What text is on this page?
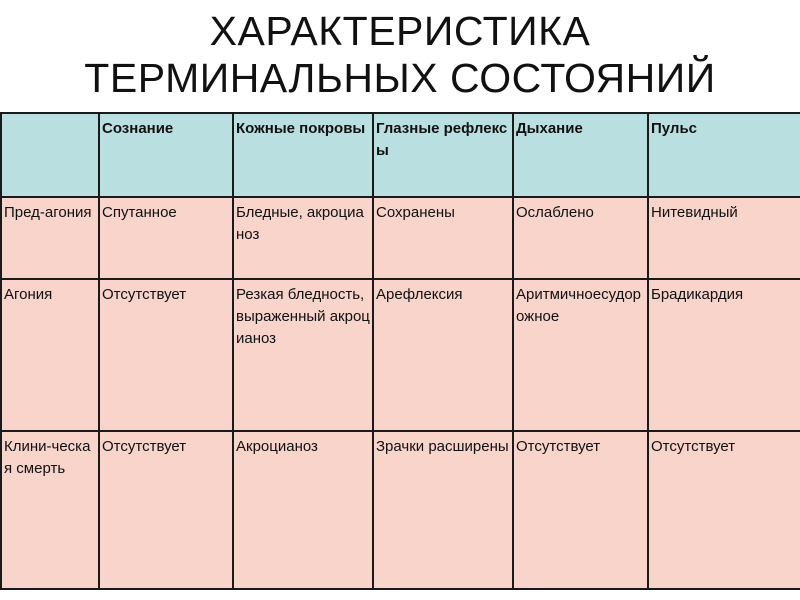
ХАРАКТЕРИСТИКА
ТЕРМИНАЛЬНЫХ СОСТОЯНИЙ
	Сознание	Кожные покровы	Глазные рефлексы	Дыхание	Пульс
Пред-агония	Спутанное	Бледные, акроцианоз	Сохранены	Ослаблено	Нитевидный
Агония	Отсутствует	Резкая бледность, выраженный акроцианоз	Арефлексия	Аритмичноесудорожное	Брадикардия
Клини-ческая смерть	Отсутствует	Акроцианоз	Зрачки расширены	Отсутствует	Отсутствует
